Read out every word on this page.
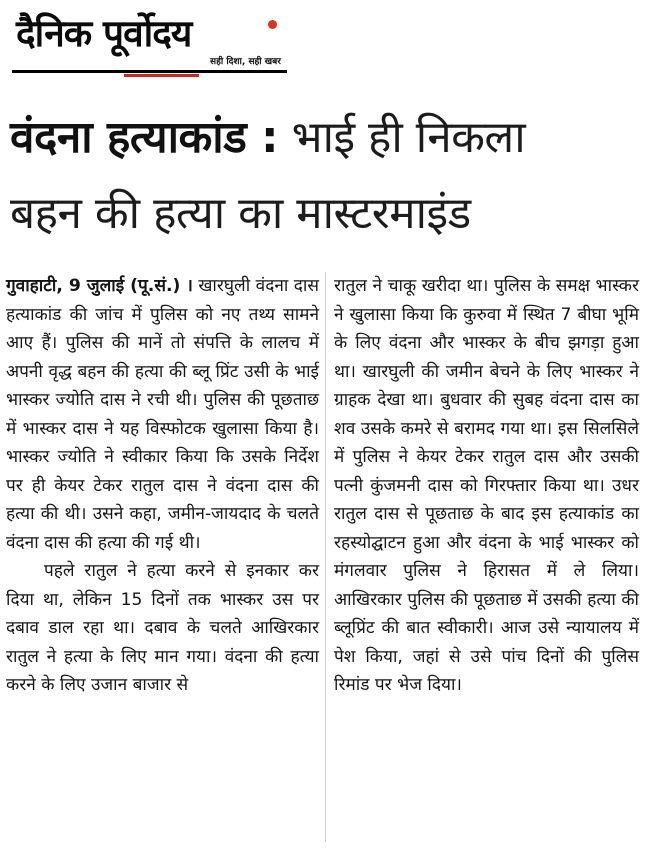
दैनिक पूर्वोदय
सही दिशा, सही खबर
वंदना हत्याकांड : भाई ही निकला
बहन की हत्या का मास्टरमाइंड

गुवाहाटी, 9 जुलाई (पू.सं.) । खारघुली वंदना दास हत्याकांड की जांच में पुलिस को नए तथ्य सामने आए हैं। पुलिस की मानें तो संपत्ति के लालच में अपनी वृद्ध बहन की हत्या की ब्लू प्रिंट उसी के भाई भास्कर ज्योति दास ने रची थी। पुलिस की पूछताछ में भास्कर दास ने यह विस्फोटक खुलासा किया है। भास्कर ज्योति ने स्वीकार किया कि उसके निर्देश पर ही केयर टेकर रातुल दास ने वंदना दास की हत्या की थी। उसने कहा, जमीन-जायदाद के चलते वंदना दास की हत्या की गई थी।

पहले रातुल ने हत्या करने से इनकार कर दिया था, लेकिन 15 दिनों तक भास्कर उस पर दबाव डाल रहा था। दबाव के चलते आखिरकार रातुल ने हत्या के लिए मान गया। वंदना की हत्या करने के लिए उजान बाजार से

रातुल ने चाकू खरीदा था। पुलिस के समक्ष भास्कर ने खुलासा किया कि कुरुवा में स्थित 7 बीघा भूमि के लिए वंदना और भास्कर के बीच झगड़ा हुआ था। खारघुली की जमीन बेचने के लिए भास्कर ने ग्राहक देखा था। बुधवार की सुबह वंदना दास का शव उसके कमरे से बरामद गया था। इस सिलसिले में पुलिस ने केयर टेकर रातुल दास और उसकी पत्नी कुंजमनी दास को गिरफ्तार किया था। उधर रातुल दास से पूछताछ के बाद इस हत्याकांड का रहस्योद्घाटन हुआ और वंदना के भाई भास्कर को मंगलवार पुलिस ने हिरासत में ले लिया। आखिरकार पुलिस की पूछताछ में उसकी हत्या की ब्लूप्रिंट की बात स्वीकारी। आज उसे न्यायालय में पेश किया, जहां से उसे पांच दिनों की पुलिस रिमांड पर भेज दिया।
